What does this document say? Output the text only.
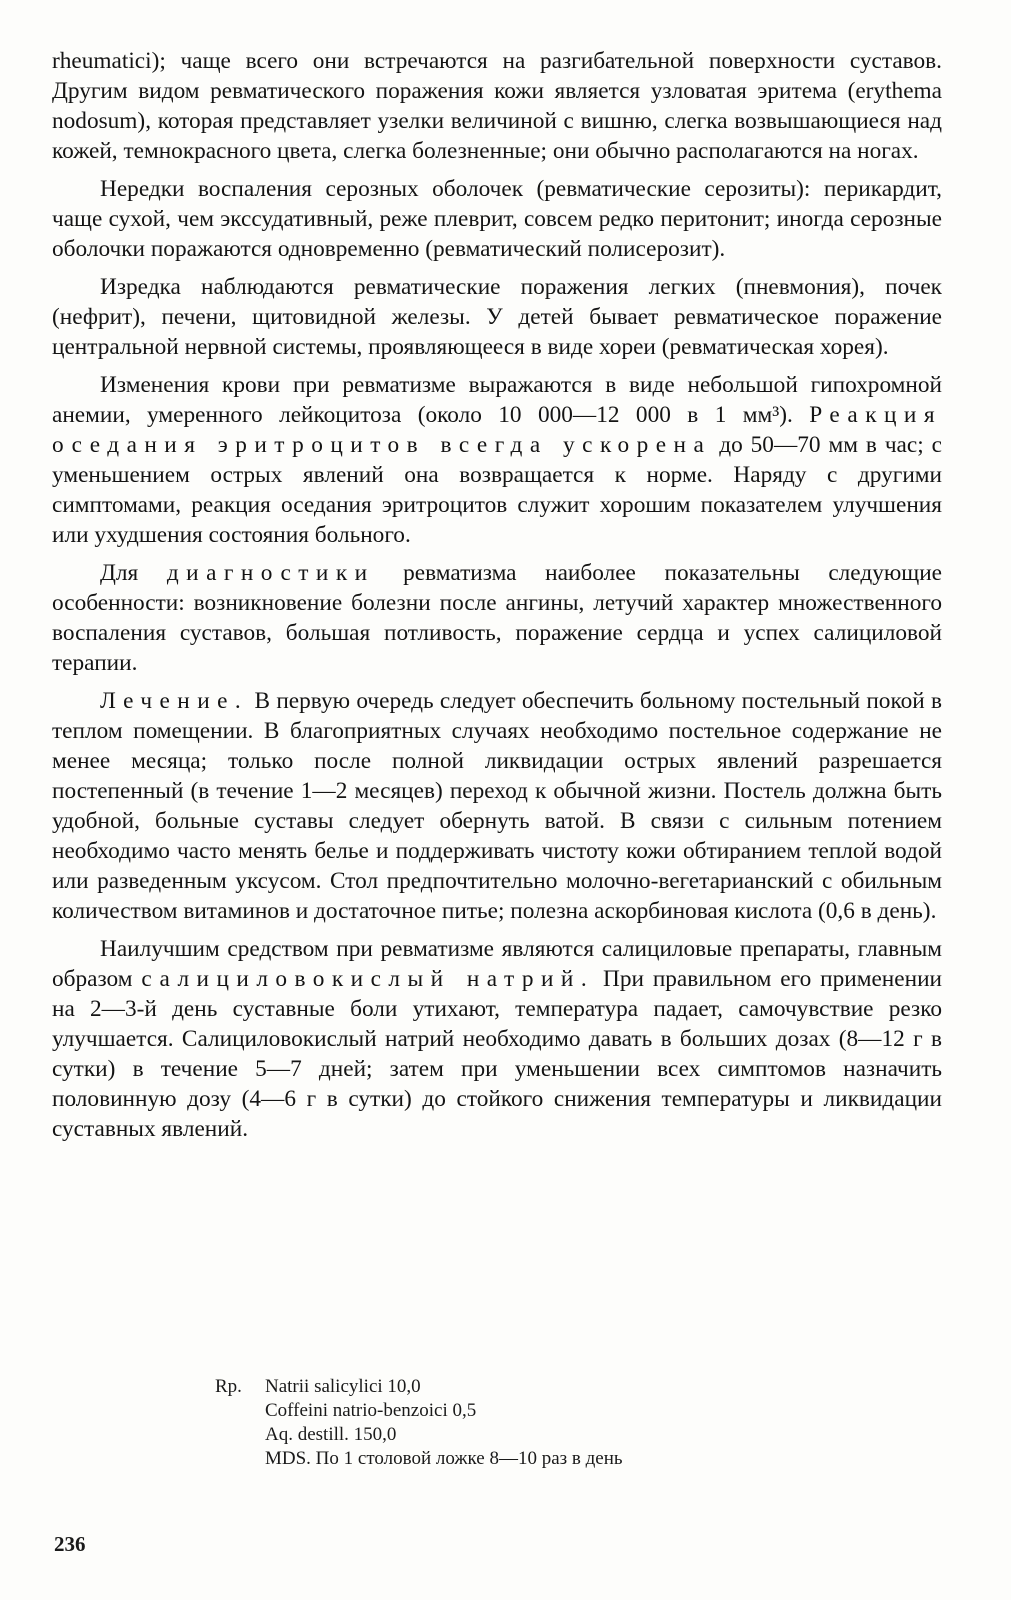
rheumatici); чаще всего они встречаются на разгибательной поверхности суставов. Другим видом ревматического поражения кожи является узловатая эритема (erythema nodosum), которая представляет узелки величиной с вишню, слегка возвышающиеся над кожей, темнокрасного цвета, слегка болезненные; они обычно располагаются на ногах.

Нередки воспаления серозных оболочек (ревматические серозиты): перикардит, чаще сухой, чем экссудативный, реже плеврит, совсем редко перитонит; иногда серозные оболочки поражаются одновременно (ревматический полисерозит).

Изредка наблюдаются ревматические поражения легких (пневмония), почек (нефрит), печени, щитовидной железы. У детей бывает ревматическое поражение центральной нервной системы, проявляющееся в виде хореи (ревматическая хорея).

Изменения крови при ревматизме выражаются в виде небольшой гипохромной анемии, умеренного лейкоцитоза (около 10 000—12 000 в 1 мм³). Реакция оседания эритроцитов всегда ускорена до 50—70 мм в час; с уменьшением острых явлений она возвращается к норме. Наряду с другими симптомами, реакция оседания эритроцитов служит хорошим показателем улучшения или ухудшения состояния больного.

Для диагностики ревматизма наиболее показательны следующие особенности: возникновение болезни после ангины, летучий характер множественного воспаления суставов, большая потливость, поражение сердца и успех салициловой терапии.

Лечение. В первую очередь следует обеспечить больному постельный покой в теплом помещении. В благоприятных случаях необходимо постельное содержание не менее месяца; только после полной ликвидации острых явлений разрешается постепенный (в течение 1—2 месяцев) переход к обычной жизни. Постель должна быть удобной, больные суставы следует обернуть ватой. В связи с сильным потением необходимо часто менять белье и поддерживать чистоту кожи обтиранием теплой водой или разведенным уксусом. Стол предпочтительно молочно-вегетарианский с обильным количеством витаминов и достаточное питье; полезна аскорбиновая кислота (0,6 в день).

Наилучшим средством при ревматизме являются салициловые препараты, главным образом салициловокислый натрий. При правильном его применении на 2—3-й день суставные боли утихают, температура падает, самочувствие резко улучшается. Салициловокислый натрий необходимо давать в больших дозах (8—12 г в сутки) в течение 5—7 дней; затем при уменьшении всех симптомов назначить половинную дозу (4—6 г в сутки) до стойкого снижения температуры и ликвидации суставных явлений.

Rp.	Natrii salicylici 10,0
Coffeini natrio-benzoici 0,5
Aq. destill. 150,0
MDS. По 1 столовой ложке 8—10 раз в день
236
